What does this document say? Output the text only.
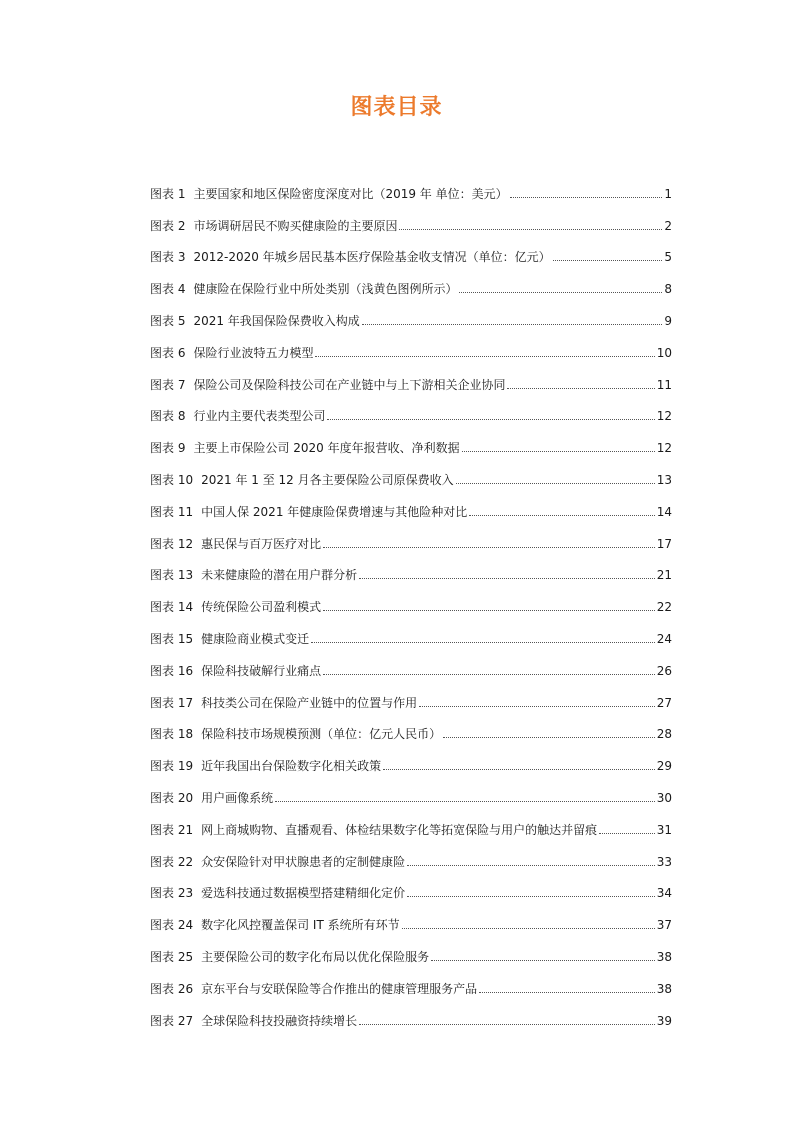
图表目录
图表 1 主要国家和地区保险密度深度对比（2019 年 单位：美元）	1
图表 2 市场调研居民不购买健康险的主要原因	2
图表 3 2012-2020 年城乡居民基本医疗保险基金收支情况（单位：亿元）	5
图表 4 健康险在保险行业中所处类别（浅黄色图例所示）	8
图表 5 2021 年我国保险保费收入构成	9
图表 6 保险行业波特五力模型	10
图表 7 保险公司及保险科技公司在产业链中与上下游相关企业协同	11
图表 8 行业内主要代表类型公司	12
图表 9 主要上市保险公司 2020 年度年报营收、净利数据	12
图表 10 2021 年 1 至 12 月各主要保险公司原保费收入	13
图表 11 中国人保 2021 年健康险保费增速与其他险种对比	14
图表 12 惠民保与百万医疗对比	17
图表 13 未来健康险的潜在用户群分析	21
图表 14 传统保险公司盈利模式	22
图表 15 健康险商业模式变迁	24
图表 16 保险科技破解行业痛点	26
图表 17 科技类公司在保险产业链中的位置与作用	27
图表 18 保险科技市场规模预测（单位：亿元人民币）	28
图表 19 近年我国出台保险数字化相关政策	29
图表 20 用户画像系统	30
图表 21 网上商城购物、直播观看、体检结果数字化等拓宽保险与用户的触达并留痕	31
图表 22 众安保险针对甲状腺患者的定制健康险	33
图表 23 爱选科技通过数据模型搭建精细化定价	34
图表 24 数字化风控覆盖保司 IT 系统所有环节	37
图表 25 主要保险公司的数字化布局以优化保险服务	38
图表 26 京东平台与安联保险等合作推出的健康管理服务产品	38
图表 27 全球保险科技投融资持续增长	39
